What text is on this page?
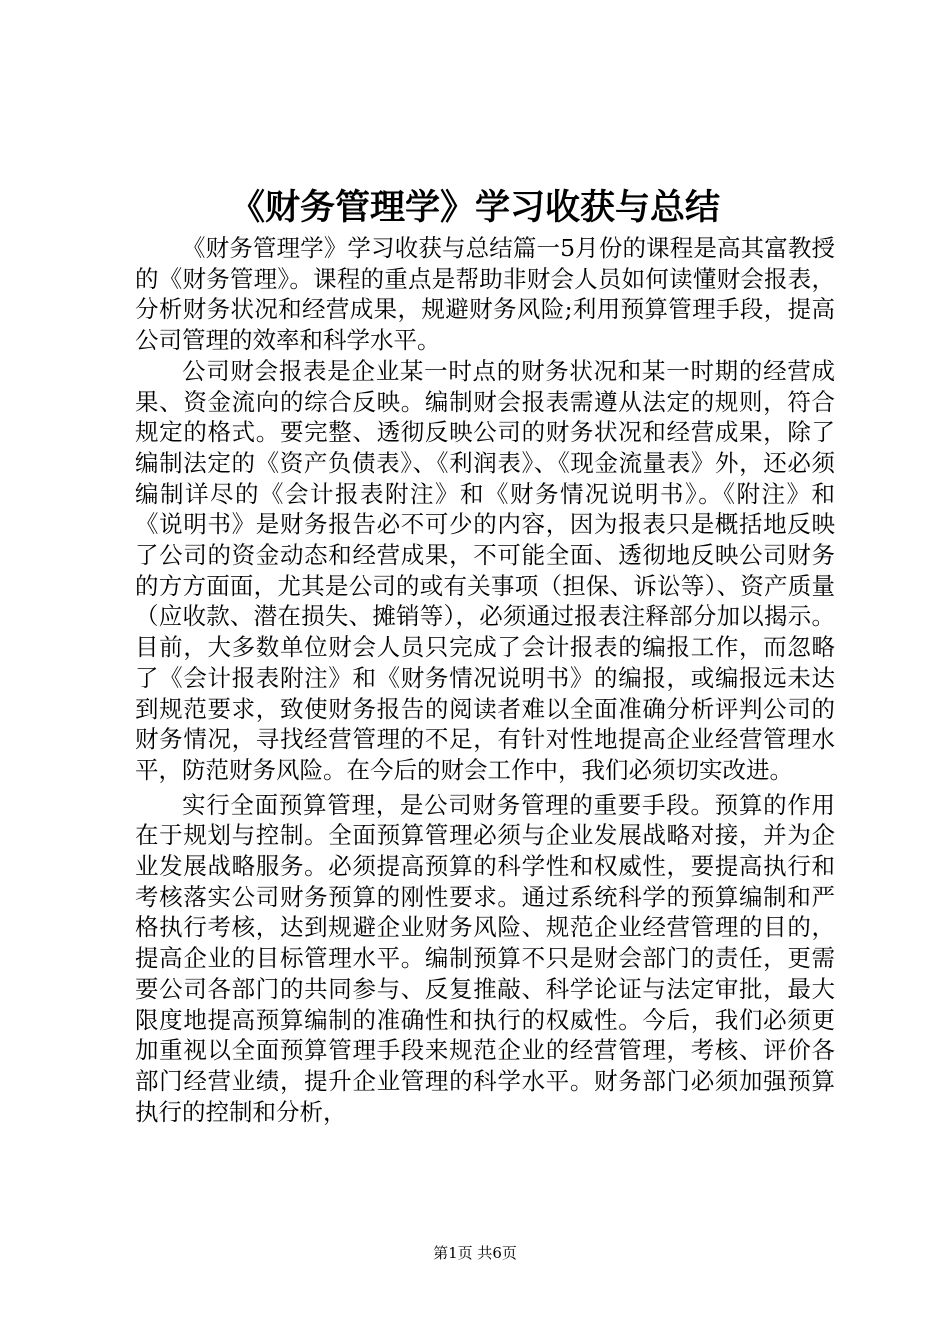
《财务管理学》学习收获与总结

《财务管理学》学习收获与总结篇一5月份的课程是高其富教授的《财务管理》。课程的重点是帮助非财会人员如何读懂财会报表，分析财务状况和经营成果，规避财务风险;利用预算管理手段，提高公司管理的效率和科学水平。

公司财会报表是企业某一时点的财务状况和某一时期的经营成果、资金流向的综合反映。编制财会报表需遵从法定的规则，符合规定的格式。要完整、透彻反映公司的财务状况和经营成果，除了编制法定的《资产负债表》、《利润表》、《现金流量表》外，还必须编制详尽的《会计报表附注》和《财务情况说明书》。《附注》和《说明书》是财务报告必不可少的内容，因为报表只是概括地反映了公司的资金动态和经营成果，不可能全面、透彻地反映公司财务的方方面面，尤其是公司的或有关事项（担保、诉讼等）、资产质量（应收款、潜在损失、摊销等），必须通过报表注释部分加以揭示。目前，大多数单位财会人员只完成了会计报表的编报工作，而忽略了《会计报表附注》和《财务情况说明书》的编报，或编报远未达到规范要求，致使财务报告的阅读者难以全面准确分析评判公司的财务情况，寻找经营管理的不足，有针对性地提高企业经营管理水平，防范财务风险。在今后的财会工作中，我们必须切实改进。

实行全面预算管理，是公司财务管理的重要手段。预算的作用在于规划与控制。全面预算管理必须与企业发展战略对接，并为企业发展战略服务。必须提高预算的科学性和权威性，要提高执行和考核落实公司财务预算的刚性要求。通过系统科学的预算编制和严格执行考核，达到规避企业财务风险、规范企业经营管理的目的，提高企业的目标管理水平。编制预算不只是财会部门的责任，更需要公司各部门的共同参与、反复推敲、科学论证与法定审批，最大限度地提高预算编制的准确性和执行的权威性。今后，我们必须更加重视以全面预算管理手段来规范企业的经营管理，考核、评价各部门经营业绩，提升企业管理的科学水平。财务部门必须加强预算执行的控制和分析，

第1页 共6页
